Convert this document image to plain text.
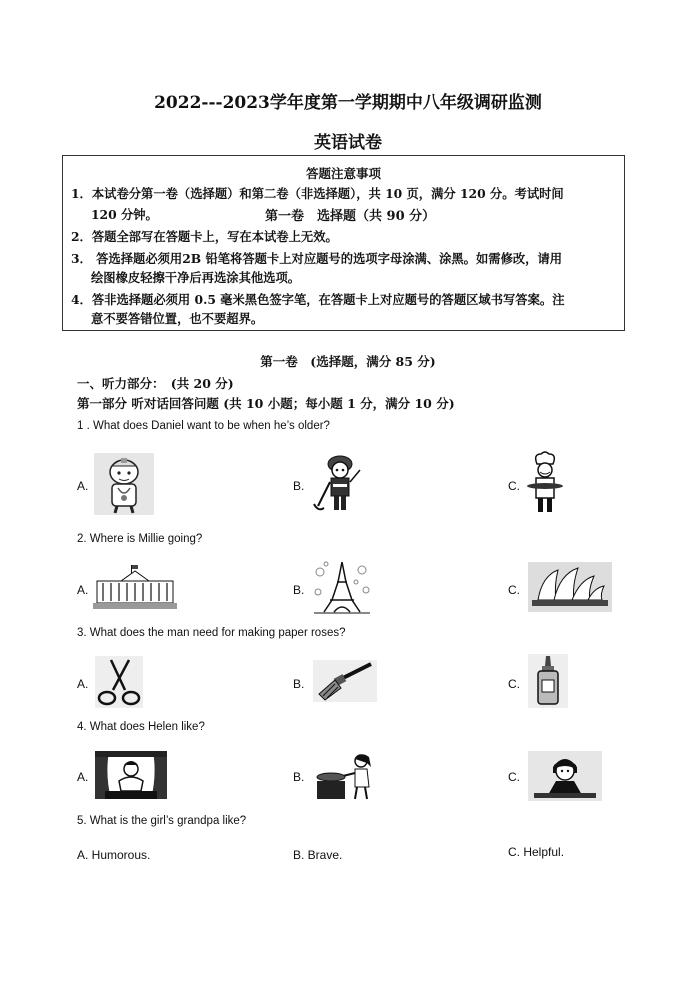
2022---2023学年度第一学期期中八年级调研监测
英语试卷
答题注意事项
1．本试卷分第一卷（选择题）和第二卷（非选择题），共 10 页，满分 120 分。考试时间
120 分钟。	第一卷　选择题（共 90 分）
2．答题全部写在答题卡上，写在本试卷上无效。
3． 答选择题必须用2B 铅笔将答题卡上对应题号的选项字母涂满、涂黑。如需修改，请用
绘图橡皮轻擦干净后再选涂其他选项。
4．答非选择题必须用 0.5 毫米黑色签字笔，在答题卡上对应题号的答题区域书写答案。注
意不要答错位置，也不要超界。
第一卷　(选择题，满分 85 分)
一、听力部分：　(共 20 分)
第一部分 听对话回答问题 (共 10 小题；每小题 1 分，满分 10 分)
1 . What does Daniel want to be when he’s older?
A.	B.	C.
2. Where is Millie going?
A.	B.	C.
3. What does the man need for making paper roses?
A.	B.	C.
4. What does Helen like?
A.	B.	C.
5. What is the girl’s grandpa like?
A. Humorous.	B. Brave.	C. Helpful.
